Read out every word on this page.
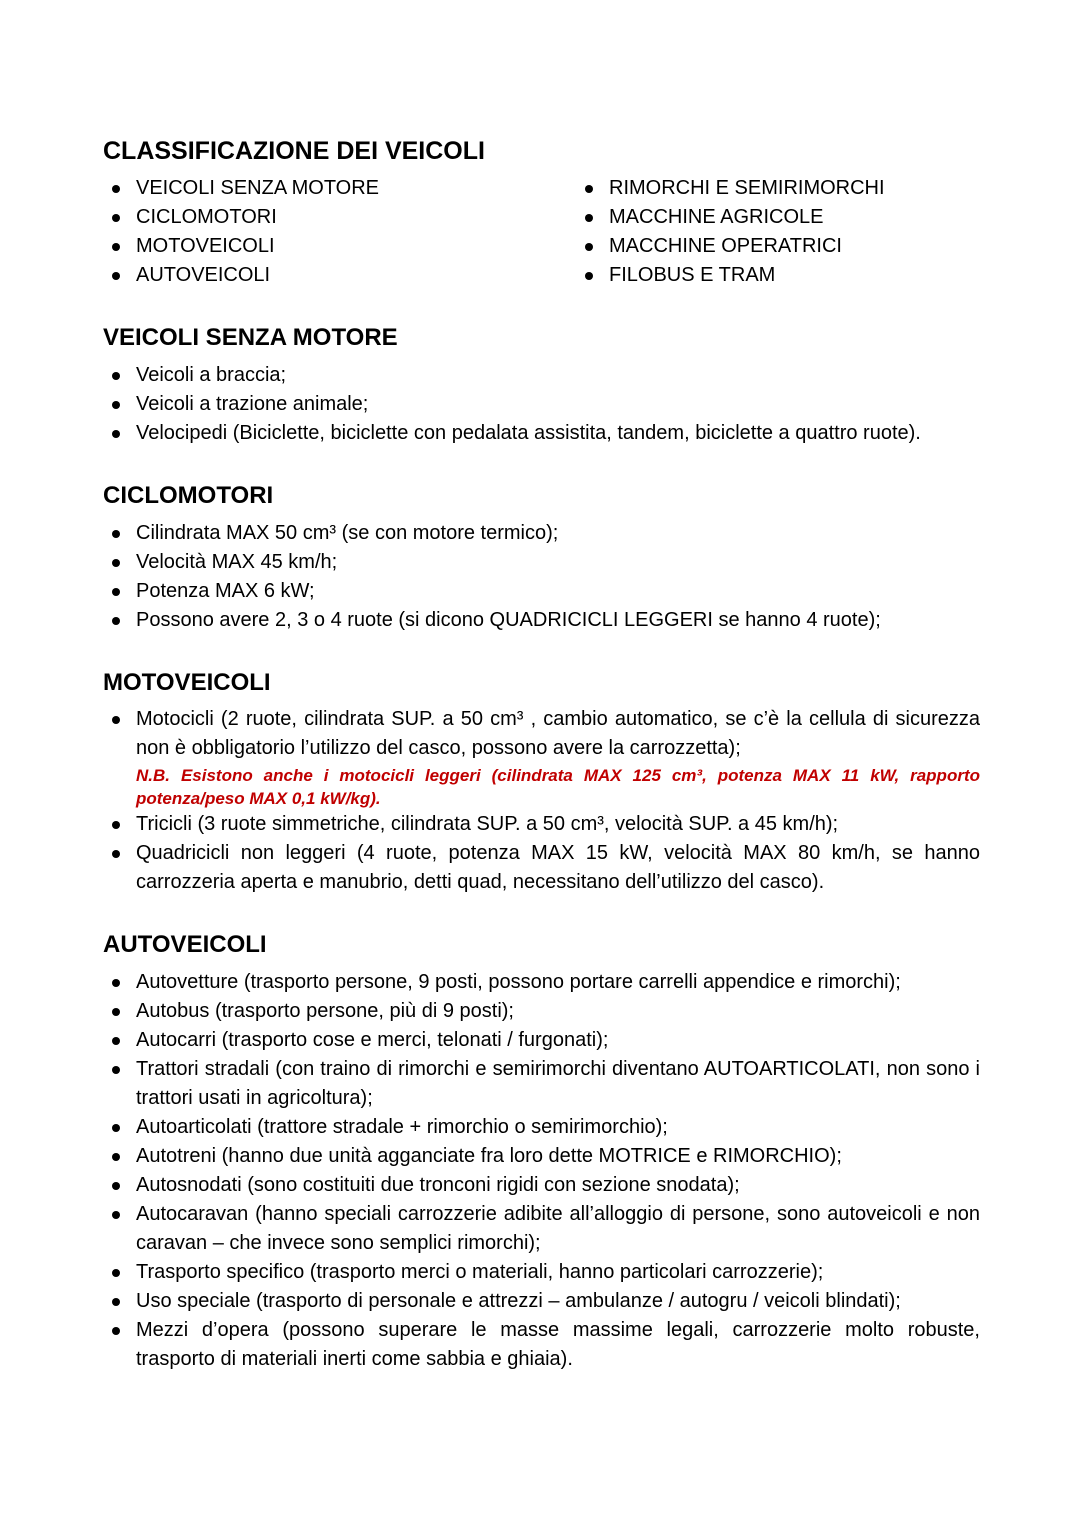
CLASSIFICAZIONE DEI VEICOLI
VEICOLI SENZA MOTORE
CICLOMOTORI
MOTOVEICOLI
AUTOVEICOLI
RIMORCHI E SEMIRIMORCHI
MACCHINE AGRICOLE
MACCHINE OPERATRICI
FILOBUS E TRAM
VEICOLI SENZA MOTORE
Veicoli a braccia;
Veicoli a trazione animale;
Velocipedi (Biciclette, biciclette con pedalata assistita, tandem, biciclette a quattro ruote).
CICLOMOTORI
Cilindrata MAX 50 cm³ (se con motore termico);
Velocità MAX 45 km/h;
Potenza MAX 6 kW;
Possono avere 2, 3 o 4 ruote (si dicono QUADRICICLI LEGGERI se hanno 4 ruote);
MOTOVEICOLI
Motocicli (2 ruote, cilindrata SUP. a 50 cm³ , cambio automatico, se c’è la cellula di sicurezza non è obbligatorio l’utilizzo del casco, possono avere la carrozzetta);
N.B. Esistono anche i motocicli leggeri (cilindrata MAX 125 cm³, potenza MAX 11 kW, rapporto potenza/peso MAX 0,1 kW/kg).
Tricicli (3 ruote simmetriche, cilindrata SUP. a 50 cm³, velocità SUP. a 45 km/h);
Quadricicli non leggeri (4 ruote, potenza MAX 15 kW, velocità MAX 80 km/h, se hanno carrozzeria aperta e manubrio, detti quad, necessitano dell’utilizzo del casco).
AUTOVEICOLI
Autovetture (trasporto persone, 9 posti, possono portare carrelli appendice e rimorchi);
Autobus (trasporto persone, più di 9 posti);
Autocarri (trasporto cose e merci, telonati / furgonati);
Trattori stradali (con traino di rimorchi e semirimorchi diventano AUTOARTICOLATI, non sono i trattori usati in agricoltura);
Autoarticolati (trattore stradale + rimorchio o semirimorchio);
Autotreni (hanno due unità agganciate fra loro dette MOTRICE e RIMORCHIO);
Autosnodati (sono costituiti due tronconi rigidi con sezione snodata);
Autocaravan (hanno speciali carrozzerie adibite all’alloggio di persone, sono autoveicoli e non caravan – che invece sono semplici rimorchi);
Trasporto specifico (trasporto merci o materiali, hanno particolari carrozzerie);
Uso speciale (trasporto di personale e attrezzi – ambulanze / autogru / veicoli blindati);
Mezzi d’opera (possono superare le masse massime legali, carrozzerie molto robuste, trasporto di materiali inerti come sabbia e ghiaia).
